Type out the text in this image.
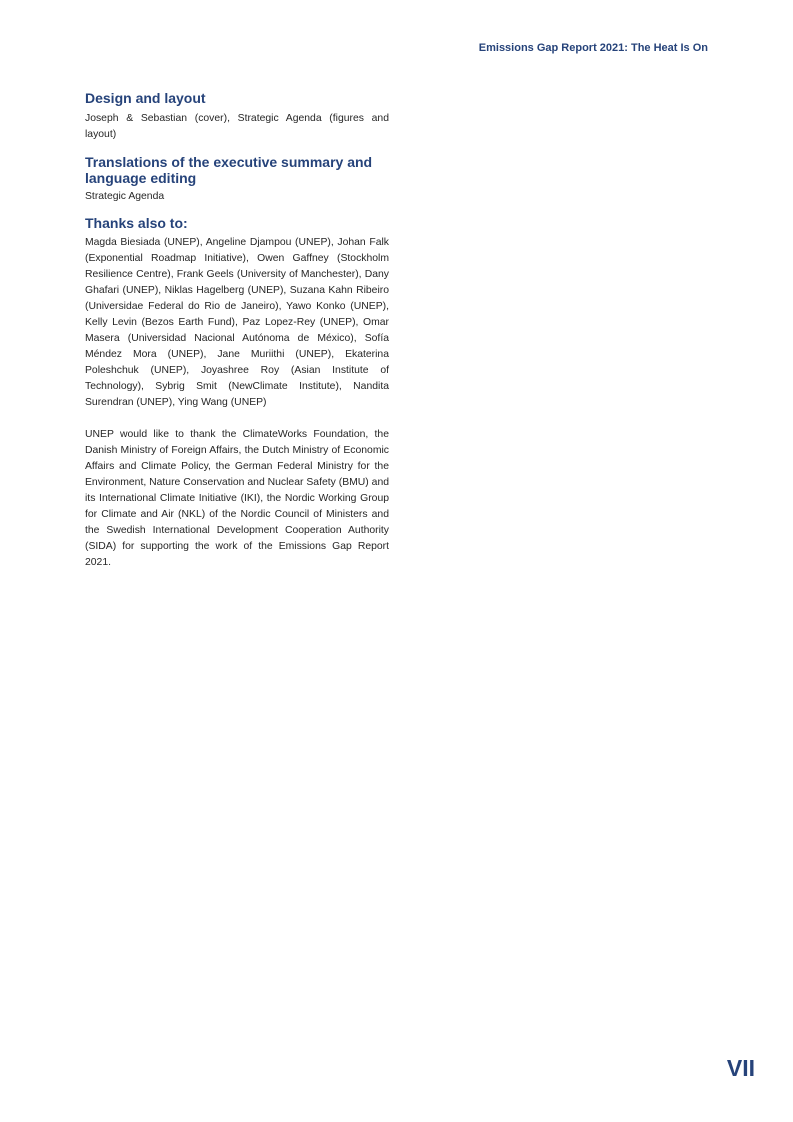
Emissions Gap Report 2021: The Heat Is On
Design and layout

Joseph & Sebastian (cover), Strategic Agenda (figures and layout)

Translations of the executive summary and language editing

Strategic Agenda

Thanks also to:

Magda Biesiada (UNEP), Angeline Djampou (UNEP), Johan Falk (Exponential Roadmap Initiative), Owen Gaffney (Stockholm Resilience Centre), Frank Geels (University of Manchester), Dany Ghafari (UNEP), Niklas Hagelberg (UNEP), Suzana Kahn Ribeiro (Universidae Federal do Rio de Janeiro), Yawo Konko (UNEP), Kelly Levin (Bezos Earth Fund), Paz Lopez-Rey (UNEP), Omar Masera (Universidad Nacional Autónoma de México), Sofía Méndez Mora (UNEP), Jane Muriithi (UNEP), Ekaterina Poleshchuk (UNEP), Joyashree Roy (Asian Institute of Technology), Sybrig Smit (NewClimate Institute), Nandita Surendran (UNEP), Ying Wang (UNEP)

UNEP would like to thank the ClimateWorks Foundation, the Danish Ministry of Foreign Affairs, the Dutch Ministry of Economic Affairs and Climate Policy, the German Federal Ministry for the Environment, Nature Conservation and Nuclear Safety (BMU) and its International Climate Initiative (IKI), the Nordic Working Group for Climate and Air (NKL) of the Nordic Council of Ministers and the Swedish International Development Cooperation Authority (SIDA) for supporting the work of the Emissions Gap Report 2021.

VII
